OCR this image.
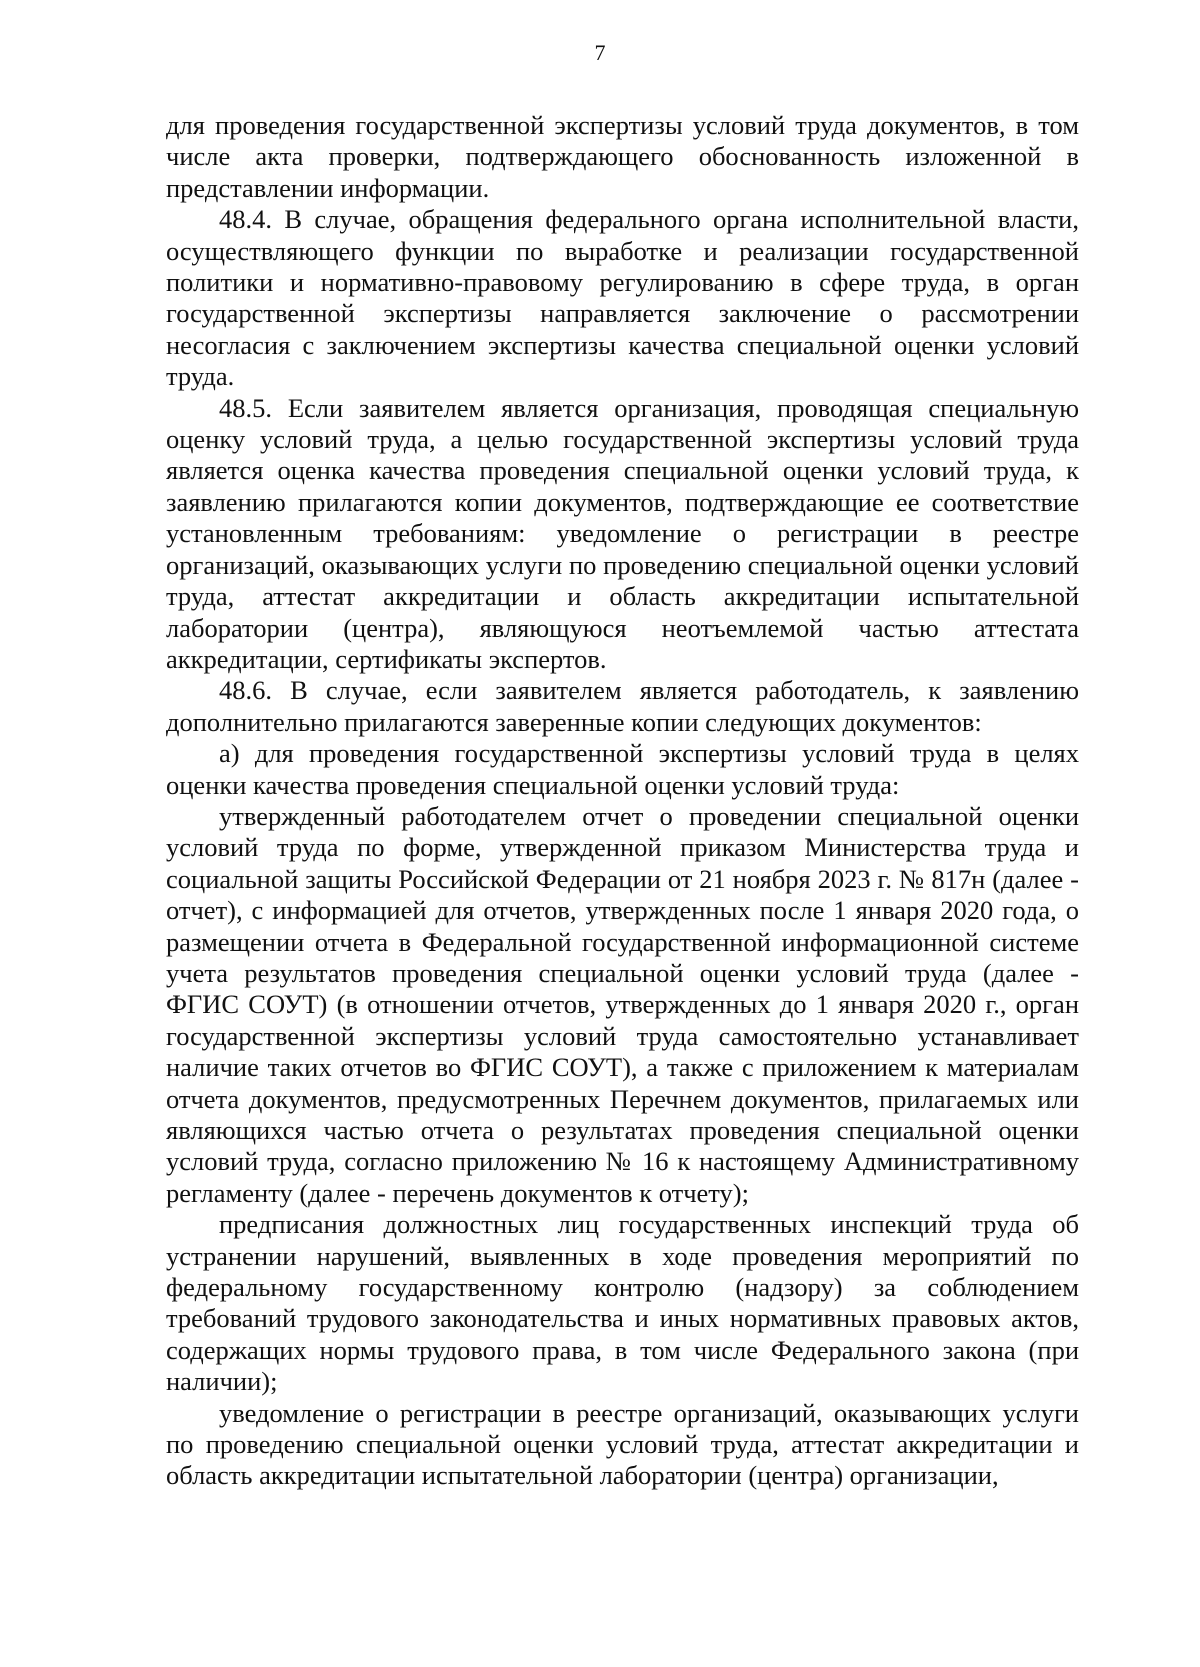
7

для проведения государственной экспертизы условий труда документов, в том числе акта проверки, подтверждающего обоснованность изложенной в представлении информации.

48.4. В случае, обращения федерального органа исполнительной власти, осуществляющего функции по выработке и реализации государственной политики и нормативно-правовому регулированию в сфере труда, в орган государственной экспертизы направляется заключение о рассмотрении несогласия с заключением экспертизы качества специальной оценки условий труда.

48.5. Если заявителем является организация, проводящая специальную оценку условий труда, а целью государственной экспертизы условий труда является оценка качества проведения специальной оценки условий труда, к заявлению прилагаются копии документов, подтверждающие ее соответствие установленным требованиям: уведомление о регистрации в реестре организаций, оказывающих услуги по проведению специальной оценки условий труда, аттестат аккредитации и область аккредитации испытательной лаборатории (центра), являющуюся неотъемлемой частью аттестата аккредитации, сертификаты экспертов.

48.6. В случае, если заявителем является работодатель, к заявлению дополнительно прилагаются заверенные копии следующих документов:

а) для проведения государственной экспертизы условий труда в целях оценки качества проведения специальной оценки условий труда:

утвержденный работодателем отчет о проведении специальной оценки условий труда по форме, утвержденной приказом Министерства труда и социальной защиты Российской Федерации от 21 ноября 2023 г. № 817н (далее - отчет), с информацией для отчетов, утвержденных после 1 января 2020 года, о размещении отчета в Федеральной государственной информационной системе учета результатов проведения специальной оценки условий труда (далее - ФГИС СОУТ) (в отношении отчетов, утвержденных до 1 января 2020 г., орган государственной экспертизы условий труда самостоятельно устанавливает наличие таких отчетов во ФГИС СОУТ), а также с приложением к материалам отчета документов, предусмотренных Перечнем документов, прилагаемых или являющихся частью отчета о результатах проведения специальной оценки условий труда, согласно приложению № 16 к настоящему Административному регламенту (далее - перечень документов к отчету);

предписания должностных лиц государственных инспекций труда об устранении нарушений, выявленных в ходе проведения мероприятий по федеральному государственному контролю (надзору) за соблюдением требований трудового законодательства и иных нормативных правовых актов, содержащих нормы трудового права, в том числе Федерального закона (при наличии);

уведомление о регистрации в реестре организаций, оказывающих услуги по проведению специальной оценки условий труда, аттестат аккредитации и область аккредитации испытательной лаборатории (центра) организации,
